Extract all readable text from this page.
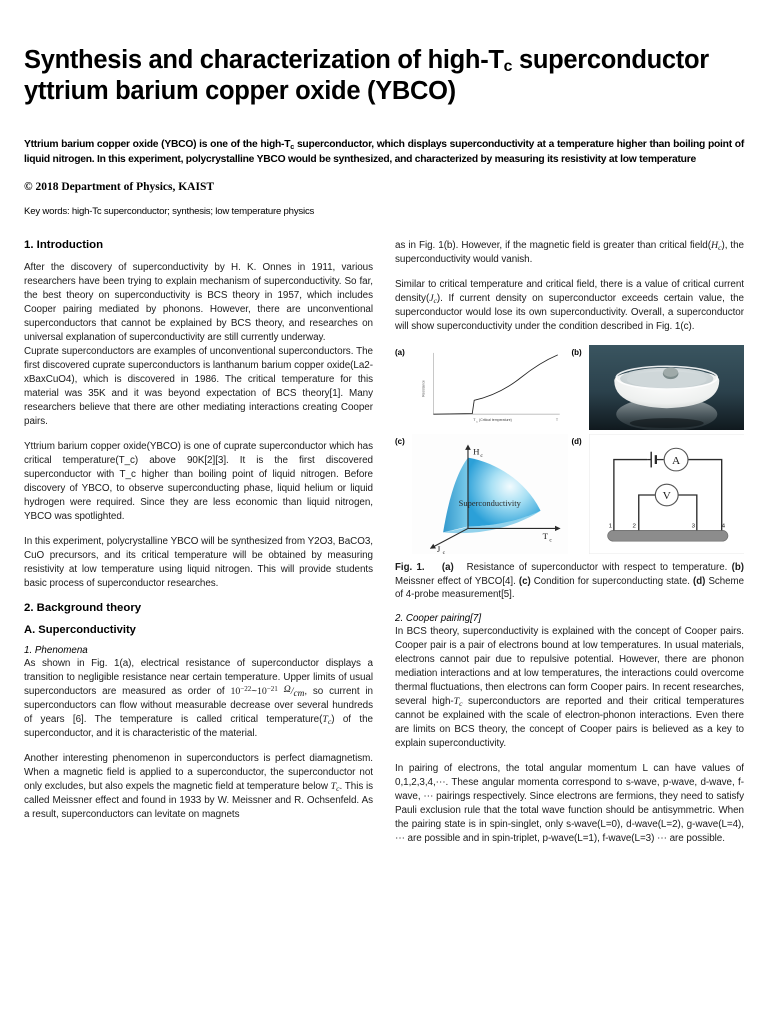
Synthesis and characterization of high-$T_c$ superconductor
yttrium barium copper oxide (YBCO)

Yttrium barium copper oxide (YBCO) is one of the high-$T_c$ superconductor, which displays superconductivity at a temperature higher than boiling point of liquid nitrogen. In this experiment, polycrystalline YBCO would be synthesized, and characterized by measuring its resistivity at low temperature

© 2018 Department of Physics, KAIST

Key words: high-Tc superconductor; synthesis; low temperature physics

1. Introduction

After the discovery of superconductivity by H. K. Onnes in 1911, various researchers have been trying to explain mechanism of superconductivity. So far, the best theory on superconductivity is BCS theory in 1957, which includes Cooper pairing mediated by phonons. However, there are unconventional superconductors that cannot be explained by BCS theory, and researches on universal explanation of superconductivity are still currently underway.

Cuprate superconductors are examples of unconventional superconductors. The first discovered cuprate superconductors is lanthanum barium copper oxide(La2-xBaxCuO4), which is discovered in 1986. The critical temperature for this material was 35K and it was beyond expectation of BCS theory[1]. Many researchers believe that there are other mediating interactions creating Cooper pairs.

Yttrium barium copper oxide(YBCO) is one of cuprate superconductor which has critical temperature(T_c) above 90K[2][3]. It is the first discovered superconductor with T_c higher than boiling point of liquid nitrogen. Before discovery of YBCO, to observe superconducting phase, liquid helium or liquid hydrogen were required. Since they are less economic than liquid nitrogen, YBCO was spotlighted.

In this experiment, polycrystalline YBCO will be synthesized from Y2O3, BaCO3, CuO precursors, and its critical temperature will be obtained by measuring resistivity at low temperature using liquid nitrogen. This will provide students basic process of superconductor researches.

2. Background theory
A. Superconductivity
1. Phenomena

As shown in Fig. 1(a), electrical resistance of superconductor displays a transition to negligible resistance near certain temperature. Upper limits of usual superconductors are measured as order of $10^{-22}\sim 10^{-21}$ Ω/cm, so current in superconductors can flow without measurable decrease over several hundreds of years [6]. The temperature is called critical $temperature(T_c)$ of the superconductor, and it is characteristic of the material.

Another interesting phenomenon in superconductors is perfect diamagnetism. When a magnetic field is applied to a superconductor, the superconductor not only excludes, but also expels the magnetic field at temperature below $T_c$. This is called Meissner effect and found in 1933 by W. Meissner and R. Ochsenfeld. As a result, superconductors can levitate on magnets

as in Fig. 1(b). However, if the magnetic field is greater than critical $field(H_c)$, the superconductivity would vanish.

Similar to critical temperature and critical field, there is a value of critical current $density(J_c)$. If current density on superconductor exceeds certain value, the superconductor would lose its own superconductivity. Overall, a superconductor will show superconductivity under the condition described in Fig. 1(c).

(a)
Resistance
T c (Critical temperature)	T
(b)
(c)
H c
T c
J c
Superconductivity
(d)
A
V
1	2	3	4
Fig. 1. (a) Resistance of superconductor with respect to temperature. (b) Meissner effect of YBCO[4]. (c) Condition for superconducting state. (d) Scheme of 4-probe measurement[5].
2. Cooper pairing[7]

In BCS theory, superconductivity is explained with the concept of Cooper pairs. Cooper pair is a pair of electrons bound at low temperatures. In usual materials, electrons cannot pair due to repulsive potential. However, there are phonon mediation interactions and at low temperatures, the interactions could overcome thermal fluctuations, then electrons can form Cooper pairs. In recent researches, several high-$T_c$ superconductors are reported and their critical temperatures cannot be explained with the scale of electron-phonon interactions. Even there are limits on BCS theory, the concept of Cooper pairs is believed as a key to explain superconductivity.

In pairing of electrons, the total angular momentum L can have values of 0,1,2,3,4,⋯. These angular momenta correspond to s-wave, p-wave, d-wave, f-wave, ⋯ pairings respectively. Since electrons are fermions, they need to satisfy Pauli exclusion rule that the total wave function should be antisymmetric. When the pairing state is in spin-singlet, only s-wave(L=0), d-wave(L=2), g-wave(L=4), ⋯ are possible and in spin-triplet, p-wave(L=1), f-wave(L=3) ⋯ are possible.
